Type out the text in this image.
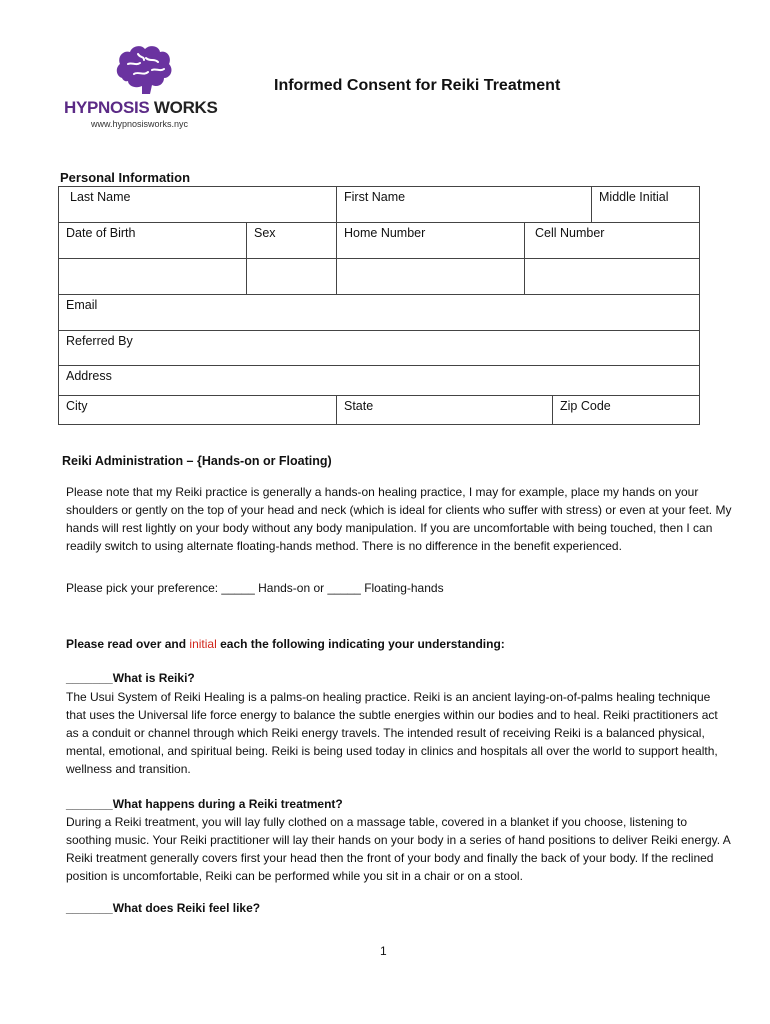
HYPNOSIS WORKS
www.hypnosisworks.nyc
Informed Consent for Reiki Treatment
Personal Information
Last Name	First Name	Middle Initial
Date of Birth	Sex	Home Number	Cell Number
Email
Referred By
Address
City	State	Zip Code
Reiki Administration – {Hands-on or Floating)

Please note that my Reiki practice is generally a hands-on healing practice, I may for example, place my hands on your shoulders or gently on the top of your head and neck (which is ideal for clients who suffer with stress) or even at your feet. My hands will rest lightly on your body without any body manipulation. If you are uncomfortable with being touched, then I can readily switch to using alternate floating-hands method. There is no difference in the benefit experienced.

Please pick your preference: _____ Hands-on or _____ Floating-hands
Please read over and initial each the following indicating your understanding:
_______What is Reiki?

The Usui System of Reiki Healing is a palms-on healing practice. Reiki is an ancient laying-on-of-palms healing technique that uses the Universal life force energy to balance the subtle energies within our bodies and to heal. Reiki practitioners act as a conduit or channel through which Reiki energy travels. The intended result of receiving Reiki is a balanced physical, mental, emotional, and spiritual being. Reiki is being used today in clinics and hospitals all over the world to support health, wellness and transition.

_______What happens during a Reiki treatment?

During a Reiki treatment, you will lay fully clothed on a massage table, covered in a blanket if you choose, listening to soothing music. Your Reiki practitioner will lay their hands on your body in a series of hand positions to deliver Reiki energy. A Reiki treatment generally covers first your head then the front of your body and finally the back of your body. If the reclined position is uncomfortable, Reiki can be performed while you sit in a chair or on a stool.

_______What does Reiki feel like?
1
